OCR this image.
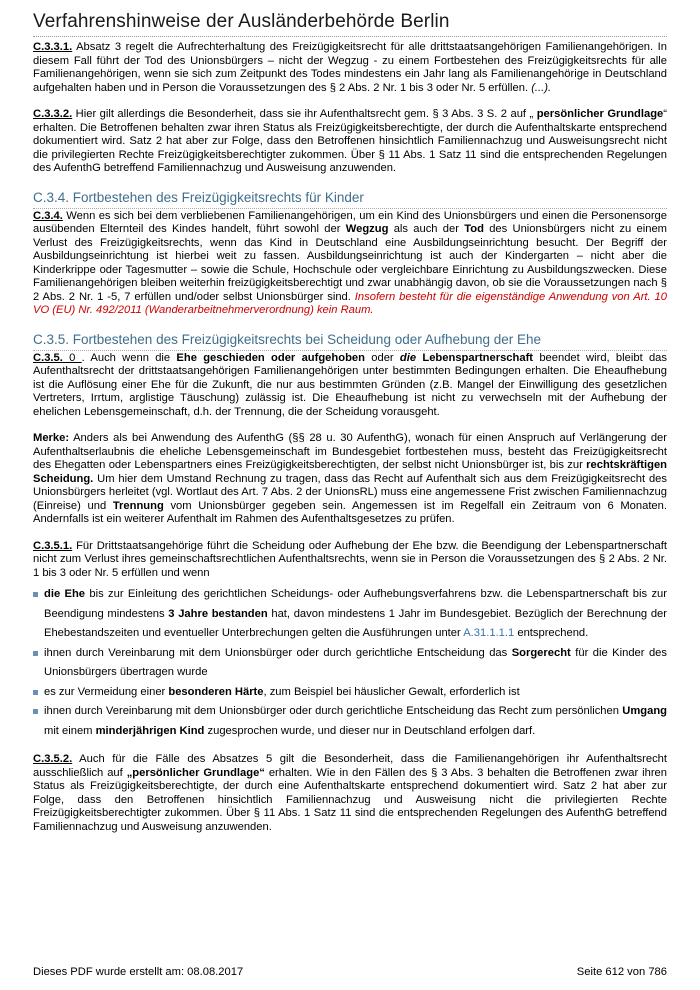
Verfahrenshinweise der Ausländerbehörde Berlin

C.3.3.1. Absatz 3 regelt die Aufrechterhaltung des Freizügigkeitsrecht für alle drittstaatsangehörigen Familienangehörigen. In diesem Fall führt der Tod des Unionsbürgers – nicht der Wegzug - zu einem Fortbestehen des Freizügigkeitsrechts für alle Familienangehörigen, wenn sie sich zum Zeitpunkt des Todes mindestens ein Jahr lang als Familienangehörige in Deutschland aufgehalten haben und in Person die Voraussetzungen des § 2 Abs. 2 Nr. 1 bis 3 oder Nr. 5 erfüllen. (...).

C.3.3.2. Hier gilt allerdings die Besonderheit, dass sie ihr Aufenthaltsrecht gem. § 3 Abs. 3 S. 2 auf „ persönlicher Grundlage“ erhalten. Die Betroffenen behalten zwar ihren Status als Freizügigkeitsberechtigte, der durch die Aufenthaltskarte entsprechend dokumentiert wird. Satz 2 hat aber zur Folge, dass den Betroffenen hinsichtlich Familiennachzug und Ausweisungsrecht nicht die privilegierten Rechte Freizügigkeitsberechtigter zukommen. Über § 11 Abs. 1 Satz 11 sind die entsprechenden Regelungen des AufenthG betreffend Familiennachzug und Ausweisung anzuwenden.

C.3.4. Fortbestehen des Freizügigkeitsrechts für Kinder

C.3.4. Wenn es sich bei dem verbliebenen Familienangehörigen, um ein Kind des Unionsbürgers und einen die Personensorge ausübenden Elternteil des Kindes handelt, führt sowohl der Wegzug als auch der Tod des Unionsbürgers nicht zu einem Verlust des Freizügigkeitsrechts, wenn das Kind in Deutschland eine Ausbildungseinrichtung besucht. Der Begriff der Ausbildungseinrichtung ist hierbei weit zu fassen. Ausbildungseinrichtung ist auch der Kindergarten – nicht aber die Kinderkrippe oder Tagesmutter – sowie die Schule, Hochschule oder vergleichbare Einrichtung zu Ausbildungszwecken. Diese Familienangehörigen bleiben weiterhin freizügigkeitsberechtigt und zwar unabhängig davon, ob sie die Voraussetzungen nach § 2 Abs. 2 Nr. 1 -5, 7 erfüllen und/oder selbst Unionsbürger sind. Insofern besteht für die eigenständige Anwendung von Art. 10 VO (EU) Nr. 492/2011 (Wanderarbeitnehmerverordnung) kein Raum.

C.3.5. Fortbestehen des Freizügigkeitsrechts bei Scheidung oder Aufhebung der Ehe

C.3.5. 0 . Auch wenn die Ehe geschieden oder aufgehoben oder die Lebenspartnerschaft beendet wird, bleibt das Aufenthaltsrecht der drittstaatsangehörigen Familienangehörigen unter bestimmten Bedingungen erhalten. Die Eheaufhebung ist die Auflösung einer Ehe für die Zukunft, die nur aus bestimmten Gründen (z.B. Mangel der Einwilligung des gesetzlichen Vertreters, Irrtum, arglistige Täuschung) zulässig ist. Die Eheaufhebung ist nicht zu verwechseln mit der Aufhebung der ehelichen Lebensgemeinschaft, d.h. der Trennung, die der Scheidung vorausgeht.

Merke: Anders als bei Anwendung des AufenthG (§§ 28 u. 30 AufenthG), wonach für einen Anspruch auf Verlängerung der Aufenthaltserlaubnis die eheliche Lebensgemeinschaft im Bundesgebiet fortbestehen muss, besteht das Freizügigkeitsrecht des Ehegatten oder Lebenspartners eines Freizügigkeitsberechtigten, der selbst nicht Unionsbürger ist, bis zur rechtskräftigen Scheidung. Um hier dem Umstand Rechnung zu tragen, dass das Recht auf Aufenthalt sich aus dem Freizügigkeitsrecht des Unionsbürgers herleitet (vgl. Wortlaut des Art. 7 Abs. 2 der UnionsRL) muss eine angemessene Frist zwischen Familiennachzug (Einreise) und Trennung vom Unionsbürger gegeben sein. Angemessen ist im Regelfall ein Zeitraum von 6 Monaten. Andernfalls ist ein weiterer Aufenthalt im Rahmen des Aufenthaltsgesetzes zu prüfen.

C.3.5.1. Für Drittstaatsangehörige führt die Scheidung oder Aufhebung der Ehe bzw. die Beendigung der Lebenspartnerschaft nicht zum Verlust ihres gemeinschaftsrechtlichen Aufenthaltsrechts, wenn sie in Person die Voraussetzungen des § 2 Abs. 2 Nr. 1 bis 3 oder Nr. 5 erfüllen und wenn

die Ehe bis zur Einleitung des gerichtlichen Scheidungs- oder Aufhebungsverfahrens bzw. die Lebenspartnerschaft bis zur Beendigung mindestens 3 Jahre bestanden hat, davon mindestens 1 Jahr im Bundesgebiet. Bezüglich der Berechnung der Ehebestandszeiten und eventueller Unterbrechungen gelten die Ausführungen unter A.31.1.1.1 entsprechend.
ihnen durch Vereinbarung mit dem Unionsbürger oder durch gerichtliche Entscheidung das Sorgerecht für die Kinder des Unionsbürgers übertragen wurde
es zur Vermeidung einer besonderen Härte, zum Beispiel bei häuslicher Gewalt, erforderlich ist
ihnen durch Vereinbarung mit dem Unionsbürger oder durch gerichtliche Entscheidung das Recht zum persönlichen Umgang mit einem minderjährigen Kind zugesprochen wurde, und dieser nur in Deutschland erfolgen darf.

C.3.5.2. Auch für die Fälle des Absatzes 5 gilt die Besonderheit, dass die Familienangehörigen ihr Aufenthaltsrecht ausschließlich auf „persönlicher Grundlage“ erhalten. Wie in den Fällen des § 3 Abs. 3 behalten die Betroffenen zwar ihren Status als Freizügigkeitsberechtigte, der durch eine Aufenthaltskarte entsprechend dokumentiert wird. Satz 2 hat aber zur Folge, dass den Betroffenen hinsichtlich Familiennachzug und Ausweisung nicht die privilegierten Rechte Freizügigkeitsberechtigter zukommen. Über § 11 Abs. 1 Satz 11 sind die entsprechenden Regelungen des AufenthG betreffend Familiennachzug und Ausweisung anzuwenden.

Dieses PDF wurde erstellt am: 08.08.2017	Seite 612 von 786
